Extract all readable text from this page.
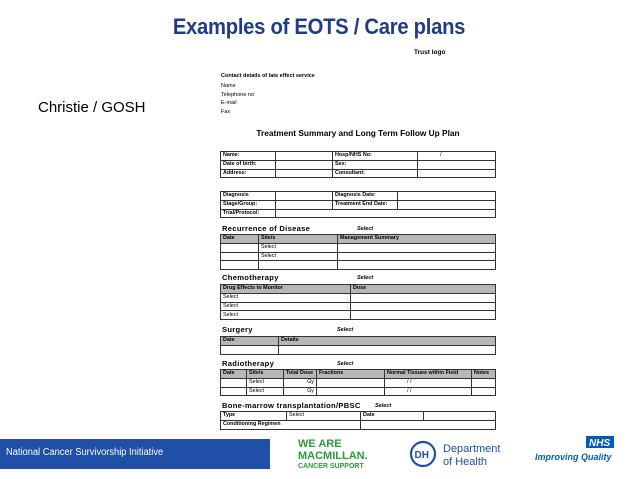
Examples of EOTS / Care plans
Trust logo
Contact details of late effect service
Name
Telephone no
E-mail
Fax
Christie / GOSH
Treatment Summary and Long Term Follow Up Plan
Name:		Hosp/NHS No:	/
Date of birth:		Sex:	
Address:		Consultant:	
Diagnosis		Diagnosis Date:	
Stage/Group:		Treatment End Date:	
Trial/Protocol:			
Recurrence of Disease	Select
Date	Site/s	Management Summary
	Select	
	Select	

Chemotherapy	Select
Drug Effects to Monitor	Dose
Select	
Select	
Select	
Surgery	Select
Date	Details

Radiotherapy	Select
Date	Site/s	Total Dose	Fractions	Normal Tissues within Field	Notes
	Select	Gy		/ /	
	Select	Gy		/ /	
Bone-marrow transplantation/PBSC	Select
Type	Select	Date	
Conditioning Regimen			
National Cancer Survivorship Initiative
WE ARE
MACMILLAN.
CANCER SUPPORT
DH
Department
of Health
NHS
Improving Quality
